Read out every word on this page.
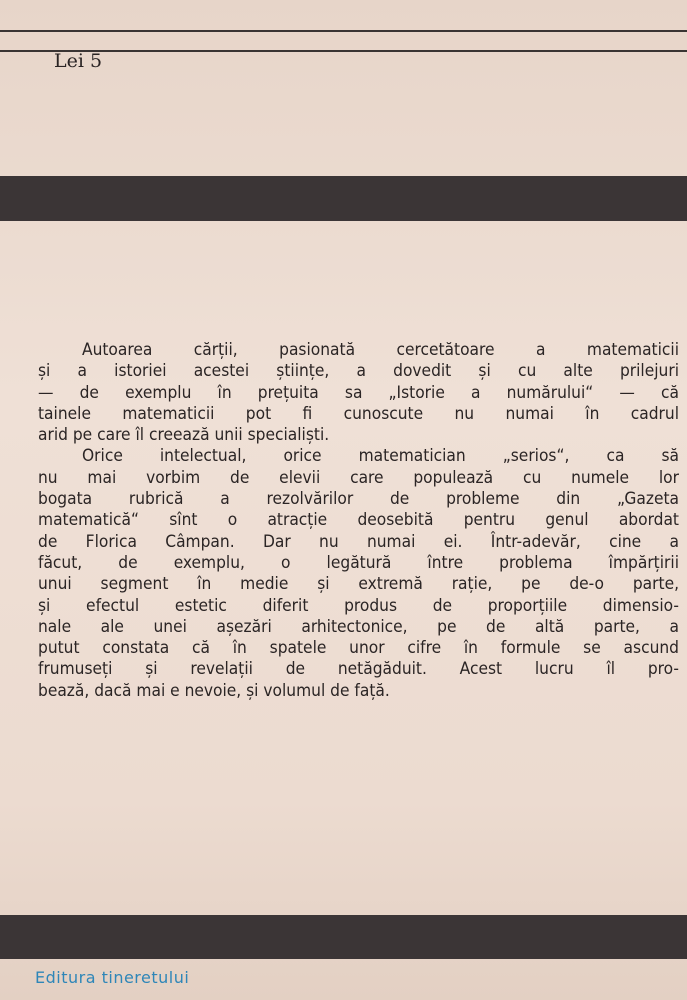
Lei 5

Autoarea cărții, pasionată cercetătoare a matematicii
și a istoriei acestei științe, a dovedit și cu alte prilejuri
— de exemplu în prețuita sa „Istorie a numărului“ — că
tainele matematicii pot fi cunoscute nu numai în cadrul
arid pe care îl creează unii specialiști.

Orice intelectual, orice matematician „serios“, ca să
nu mai vorbim de elevii care populează cu numele lor
bogata rubrică a rezolvărilor de probleme din „Gazeta
matematică“ sînt o atracție deosebită pentru genul abordat
de Florica Câmpan. Dar nu numai ei. Într-adevăr, cine a
făcut, de exemplu, o legătură între problema împărțirii
unui segment în medie și extremă rație, pe de-o parte,
și efectul estetic diferit produs de proporțiile dimensio-
nale ale unei așezări arhitectonice, pe de altă parte, a
putut constata că în spatele unor cifre în formule se ascund
frumuseți și revelații de netăgăduit. Acest lucru îl pro-
bează, dacă mai e nevoie, și volumul de față.

Editura tineretului
